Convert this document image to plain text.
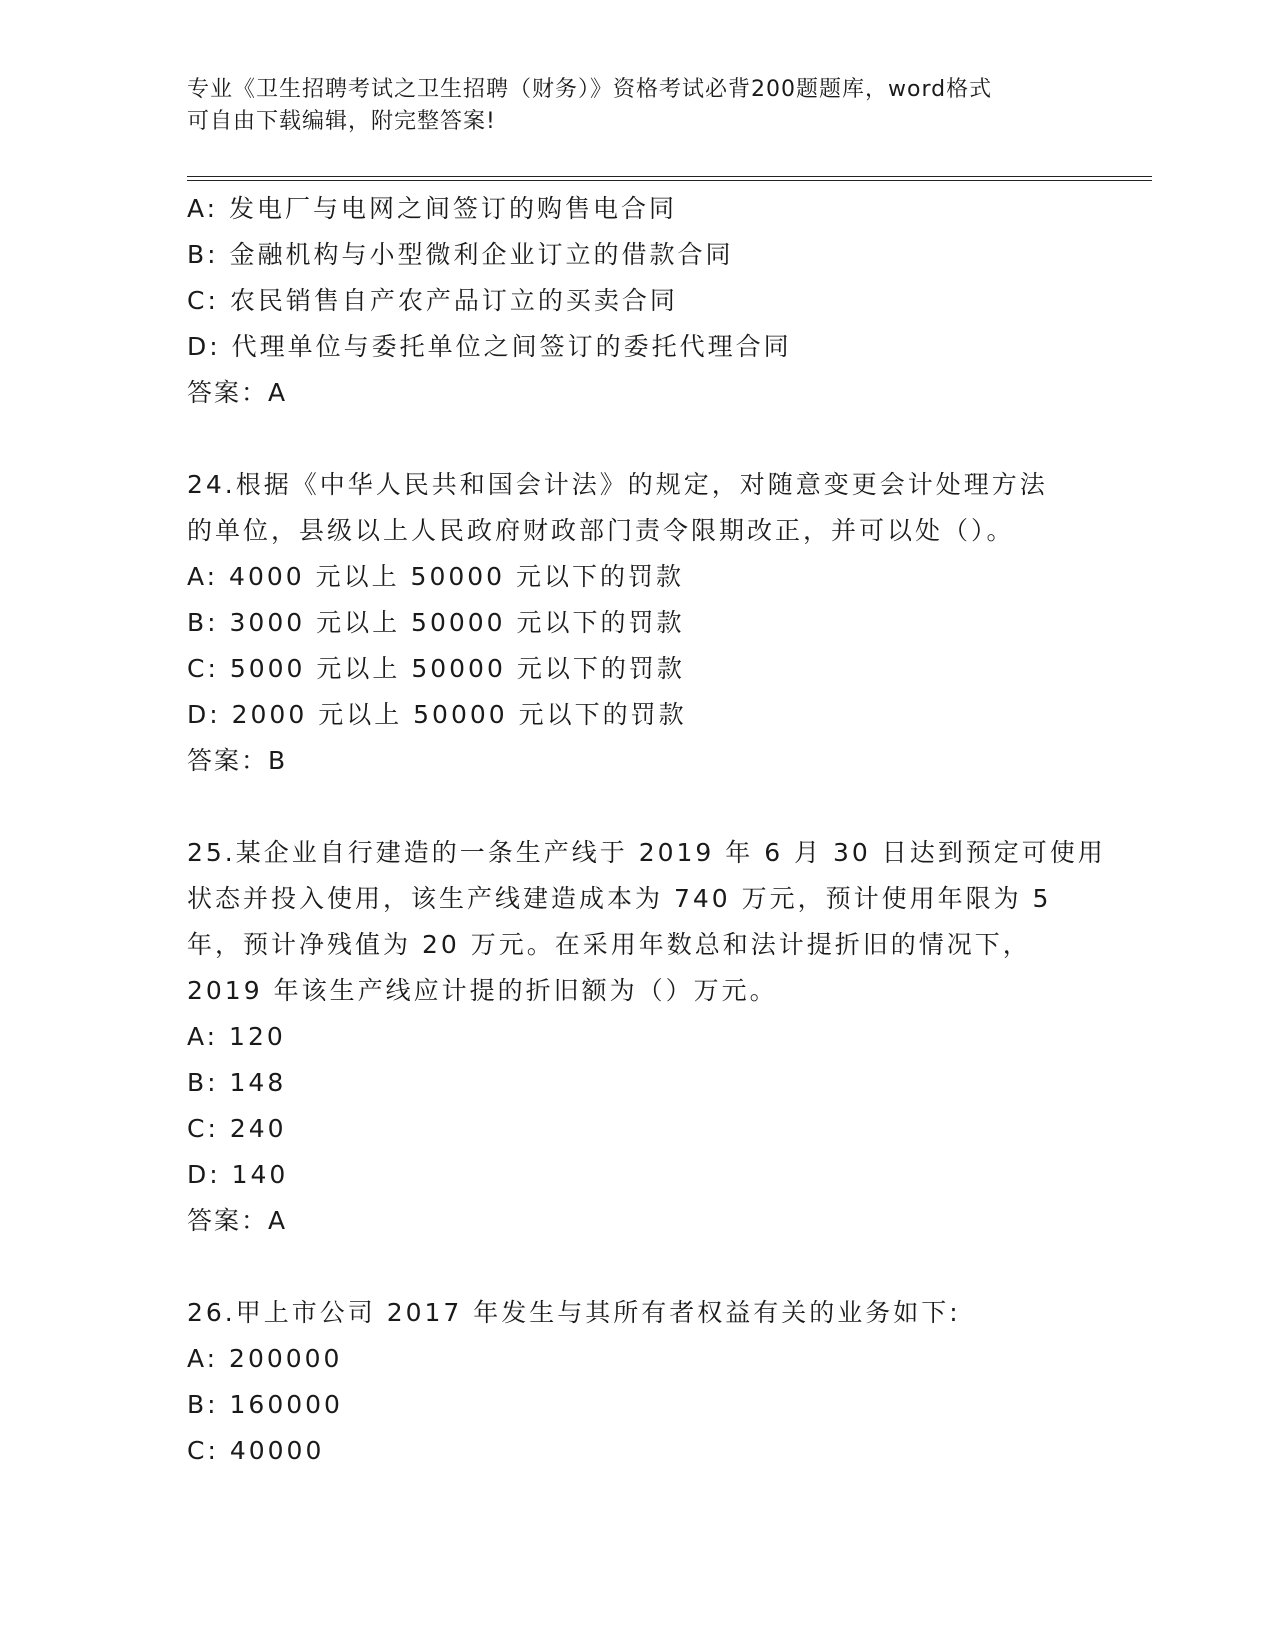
专业《卫生招聘考试之卫生招聘（财务）》资格考试必背200题题库，word格式
可自由下载编辑，附完整答案!
A: 发电厂与电网之间签订的购售电合同
B: 金融机构与小型微利企业订立的借款合同
C: 农民销售自产农产品订立的买卖合同
D: 代理单位与委托单位之间签订的委托代理合同
答案：A
24.根据《中华人民共和国会计法》的规定，对随意变更会计处理方法
的单位，县级以上人民政府财政部门责令限期改正，并可以处（）。
A: 4000 元以上 50000 元以下的罚款
B: 3000 元以上 50000 元以下的罚款
C: 5000 元以上 50000 元以下的罚款
D: 2000 元以上 50000 元以下的罚款
答案：B
25.某企业自行建造的一条生产线于 2019 年 6 月 30 日达到预定可使用
状态并投入使用，该生产线建造成本为 740 万元，预计使用年限为 5
年，预计净残值为 20 万元。在采用年数总和法计提折旧的情况下，
2019 年该生产线应计提的折旧额为（）万元。
A: 120
B: 148
C: 240
D: 140
答案：A
26.甲上市公司 2017 年发生与其所有者权益有关的业务如下:
A: 200000
B: 160000
C: 40000
